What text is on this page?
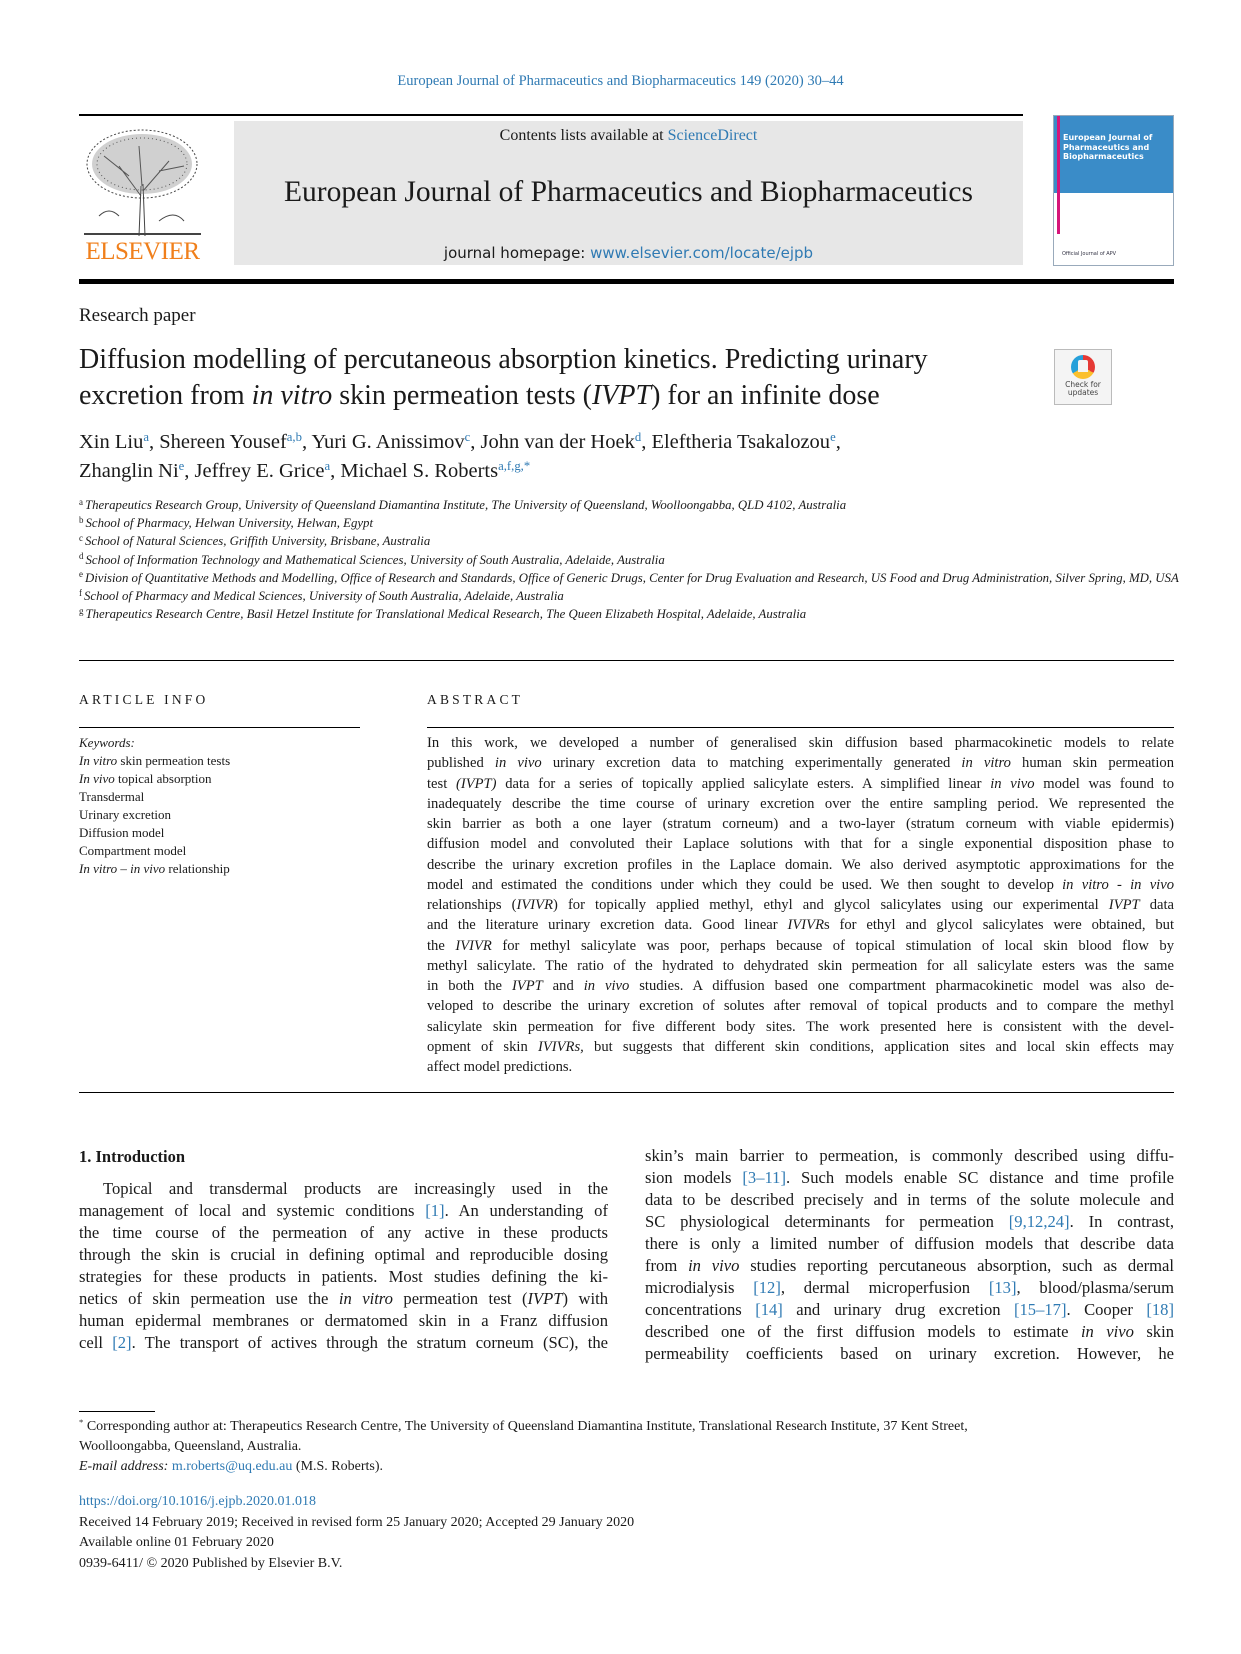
European Journal of Pharmaceutics and Biopharmaceutics 149 (2020) 30–44
ELSEVIER
Contents lists available at ScienceDirect
European Journal of Pharmaceutics and Biopharmaceutics
journal homepage: www.elsevier.com/locate/ejpb
European Journal of Pharmaceutics and Biopharmaceutics
Official Journal of APV
Research paper
Diffusion modelling of percutaneous absorption kinetics. Predicting urinary
excretion from in vitro skin permeation tests (IVPT) for an infinite dose	Check for updates
Xin Liu$^a$, Shereen Yousef$^{a,b}$, Yuri G. Anissimov$^c$, John van der Hoek$^d$, Eleftheria Tsakalozou$^e$,
Zhanglin Ni$^e$, Jeffrey E. Grice$^a$, Michael S. Roberts$^{a,f,g,*}$
$^a$ Therapeutics Research Group, University of Queensland Diamantina Institute, The University of Queensland, Woolloongabba, QLD 4102, Australia
$^b$ School of Pharmacy, Helwan University, Helwan, Egypt
$^c$ School of Natural Sciences, Griffith University, Brisbane, Australia
$^d$ School of Information Technology and Mathematical Sciences, University of South Australia, Adelaide, Australia
$^e$ Division of Quantitative Methods and Modelling, Office of Research and Standards, Office of Generic Drugs, Center for Drug Evaluation and Research, US Food and Drug Administration, Silver Spring, MD, USA
$^f$ School of Pharmacy and Medical Sciences, University of South Australia, Adelaide, Australia
$^g$ Therapeutics Research Centre, Basil Hetzel Institute for Translational Medical Research, The Queen Elizabeth Hospital, Adelaide, Australia
ARTICLE INFO	ABSTRACT
Keywords:
In vitro skin permeation tests
In vivo topical absorption
Transdermal
Urinary excretion
Diffusion model
Compartment model
In vitro – in vivo relationship
In this work, we developed a number of generalised skin diffusion based pharmacokinetic models to relate
published in vivo urinary excretion data to matching experimentally generated in vitro human skin permeation
test (IVPT) data for a series of topically applied salicylate esters. A simplified linear in vivo model was found to
inadequately describe the time course of urinary excretion over the entire sampling period. We represented the
skin barrier as both a one layer (stratum corneum) and a two-layer (stratum corneum with viable epidermis)
diffusion model and convoluted their Laplace solutions with that for a single exponential disposition phase to
describe the urinary excretion profiles in the Laplace domain. We also derived asymptotic approximations for the
model and estimated the conditions under which they could be used. We then sought to develop in vitro - in vivo
relationships (IVIVR) for topically applied methyl, ethyl and glycol salicylates using our experimental IVPT data
and the literature urinary excretion data. Good linear IVIVRs for ethyl and glycol salicylates were obtained, but
the IVIVR for methyl salicylate was poor, perhaps because of topical stimulation of local skin blood flow by
methyl salicylate. The ratio of the hydrated to dehydrated skin permeation for all salicylate esters was the same
in both the IVPT and in vivo studies. A diffusion based one compartment pharmacokinetic model was also de-
veloped to describe the urinary excretion of solutes after removal of topical products and to compare the methyl
salicylate skin permeation for five different body sites. The work presented here is consistent with the devel-
opment of skin IVIVRs, but suggests that different skin conditions, application sites and local skin effects may
affect model predictions.
1. Introduction
Topical and transdermal products are increasingly used in the
management of local and systemic conditions [1]. An understanding of
the time course of the permeation of any active in these products
through the skin is crucial in defining optimal and reproducible dosing
strategies for these products in patients. Most studies defining the ki-
netics of skin permeation use the in vitro permeation test (IVPT) with
human epidermal membranes or dermatomed skin in a Franz diffusion
cell [2]. The transport of actives through the stratum corneum (SC), the
skin’s main barrier to permeation, is commonly described using diffu-
sion models [3–11]. Such models enable SC distance and time profile
data to be described precisely and in terms of the solute molecule and
SC physiological determinants for permeation [9,12,24]. In contrast,
there is only a limited number of diffusion models that describe data
from in vivo studies reporting percutaneous absorption, such as dermal
microdialysis [12], dermal microperfusion [13], blood/plasma/serum
concentrations [14] and urinary drug excretion [15–17]. Cooper [18]
described one of the first diffusion models to estimate in vivo skin
permeability coefficients based on urinary excretion. However, he
* Corresponding author at: Therapeutics Research Centre, The University of Queensland Diamantina Institute, Translational Research Institute, 37 Kent Street,
Woolloongabba, Queensland, Australia.
E-mail address: m.roberts@uq.edu.au (M.S. Roberts).
https://doi.org/10.1016/j.ejpb.2020.01.018
Received 14 February 2019; Received in revised form 25 January 2020; Accepted 29 January 2020
Available online 01 February 2020
0939-6411/ © 2020 Published by Elsevier B.V.
